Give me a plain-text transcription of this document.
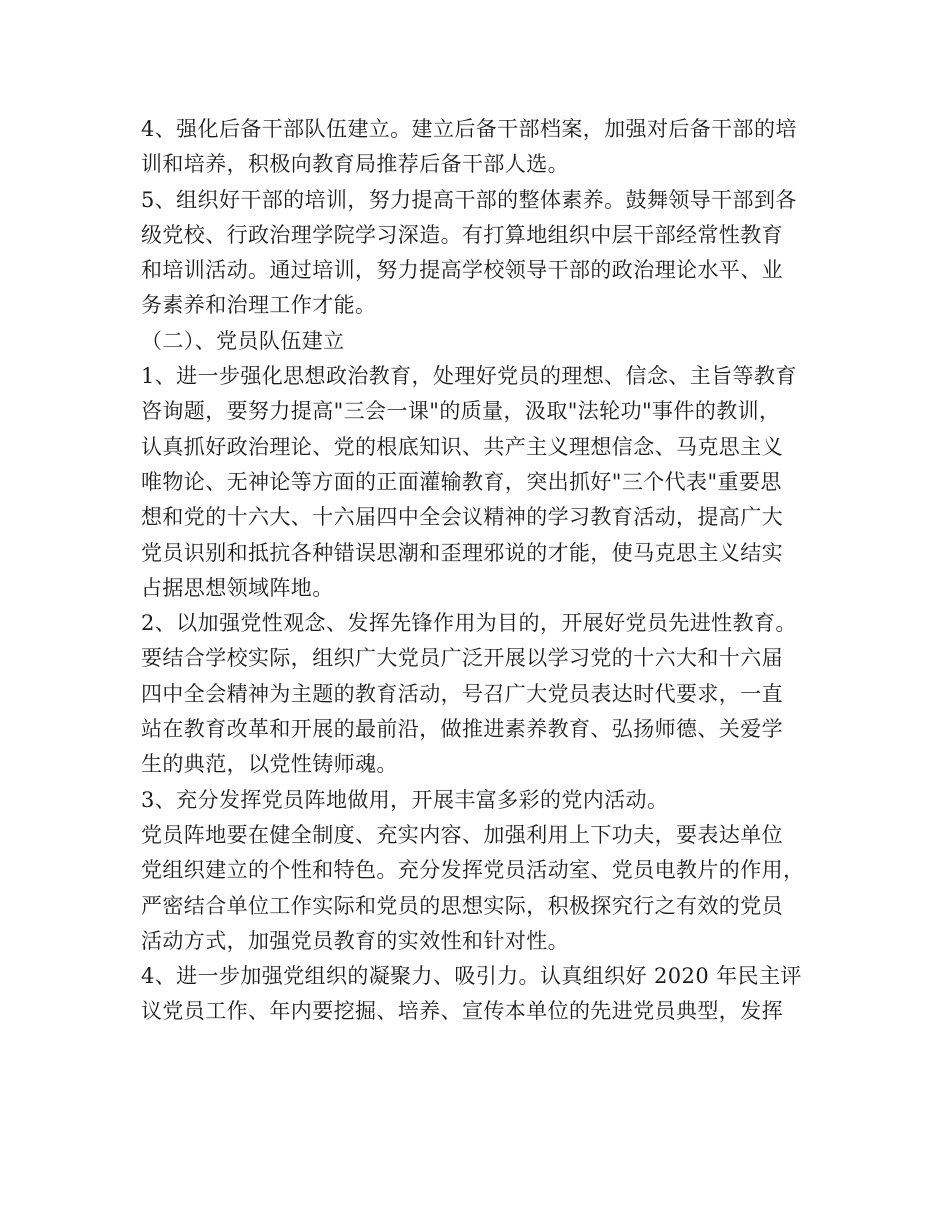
4、强化后备干部队伍建立。建立后备干部档案，加强对后备干部的培
训和培养，积极向教育局推荐后备干部人选。
5、组织好干部的培训，努力提高干部的整体素养。鼓舞领导干部到各
级党校、行政治理学院学习深造。有打算地组织中层干部经常性教育
和培训活动。通过培训，努力提高学校领导干部的政治理论水平、业
务素养和治理工作才能。
（二）、党员队伍建立
1、进一步强化思想政治教育，处理好党员的理想、信念、主旨等教育
咨询题，要努力提高"三会一课"的质量，汲取"法轮功"事件的教训，
认真抓好政治理论、党的根底知识、共产主义理想信念、马克思主义
唯物论、无神论等方面的正面灌输教育，突出抓好"三个代表"重要思
想和党的十六大、十六届四中全会议精神的学习教育活动，提高广大
党员识别和抵抗各种错误思潮和歪理邪说的才能，使马克思主义结实
占据思想领域阵地。
2、以加强党性观念、发挥先锋作用为目的，开展好党员先进性教育。
要结合学校实际，组织广大党员广泛开展以学习党的十六大和十六届
四中全会精神为主题的教育活动，号召广大党员表达时代要求，一直
站在教育改革和开展的最前沿，做推进素养教育、弘扬师德、关爱学
生的典范，以党性铸师魂。
3、充分发挥党员阵地做用，开展丰富多彩的党内活动。
党员阵地要在健全制度、充实内容、加强利用上下功夫，要表达单位
党组织建立的个性和特色。充分发挥党员活动室、党员电教片的作用，
严密结合单位工作实际和党员的思想实际，积极探究行之有效的党员
活动方式，加强党员教育的实效性和针对性。
4、进一步加强党组织的凝聚力、吸引力。认真组织好 2020 年民主评
议党员工作、年内要挖掘、培养、宣传本单位的先进党员典型，发挥
